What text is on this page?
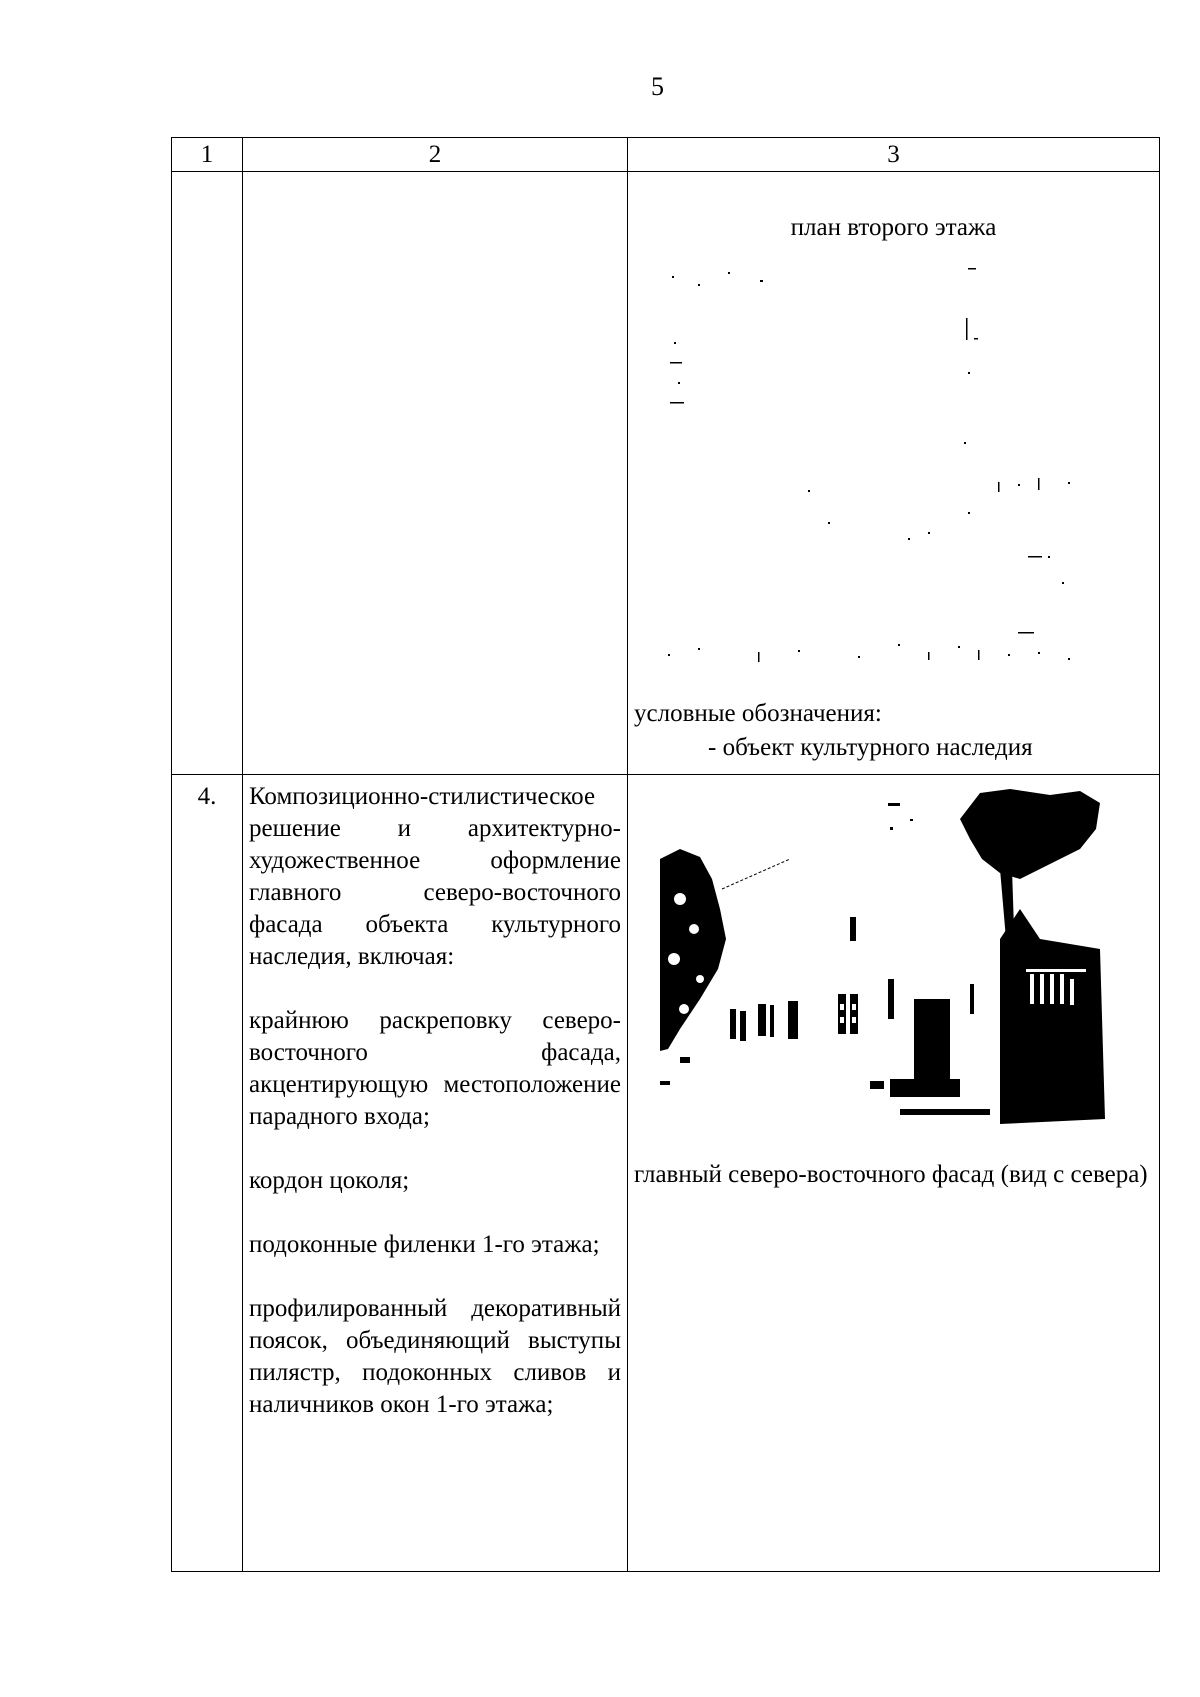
5
1	2	3

		план второго этажа
условные обозначения:
- объект культурного наследия

4.	Композиционно-стилистическое решение и архитектурно-художественное оформление главного северо-восточного фасада объекта культурного наследия, включая:

крайнюю раскреповку северо-восточного фасада, акцентирующую местоположение парадного входа;

кордон цоколя;

подоконные филенки 1-го этажа;

профилированный декоративный поясок, объединяющий выступы пилястр, подоконных сливов и наличников окон 1-го этажа;	главный северо-восточного фасад (вид с севера)
